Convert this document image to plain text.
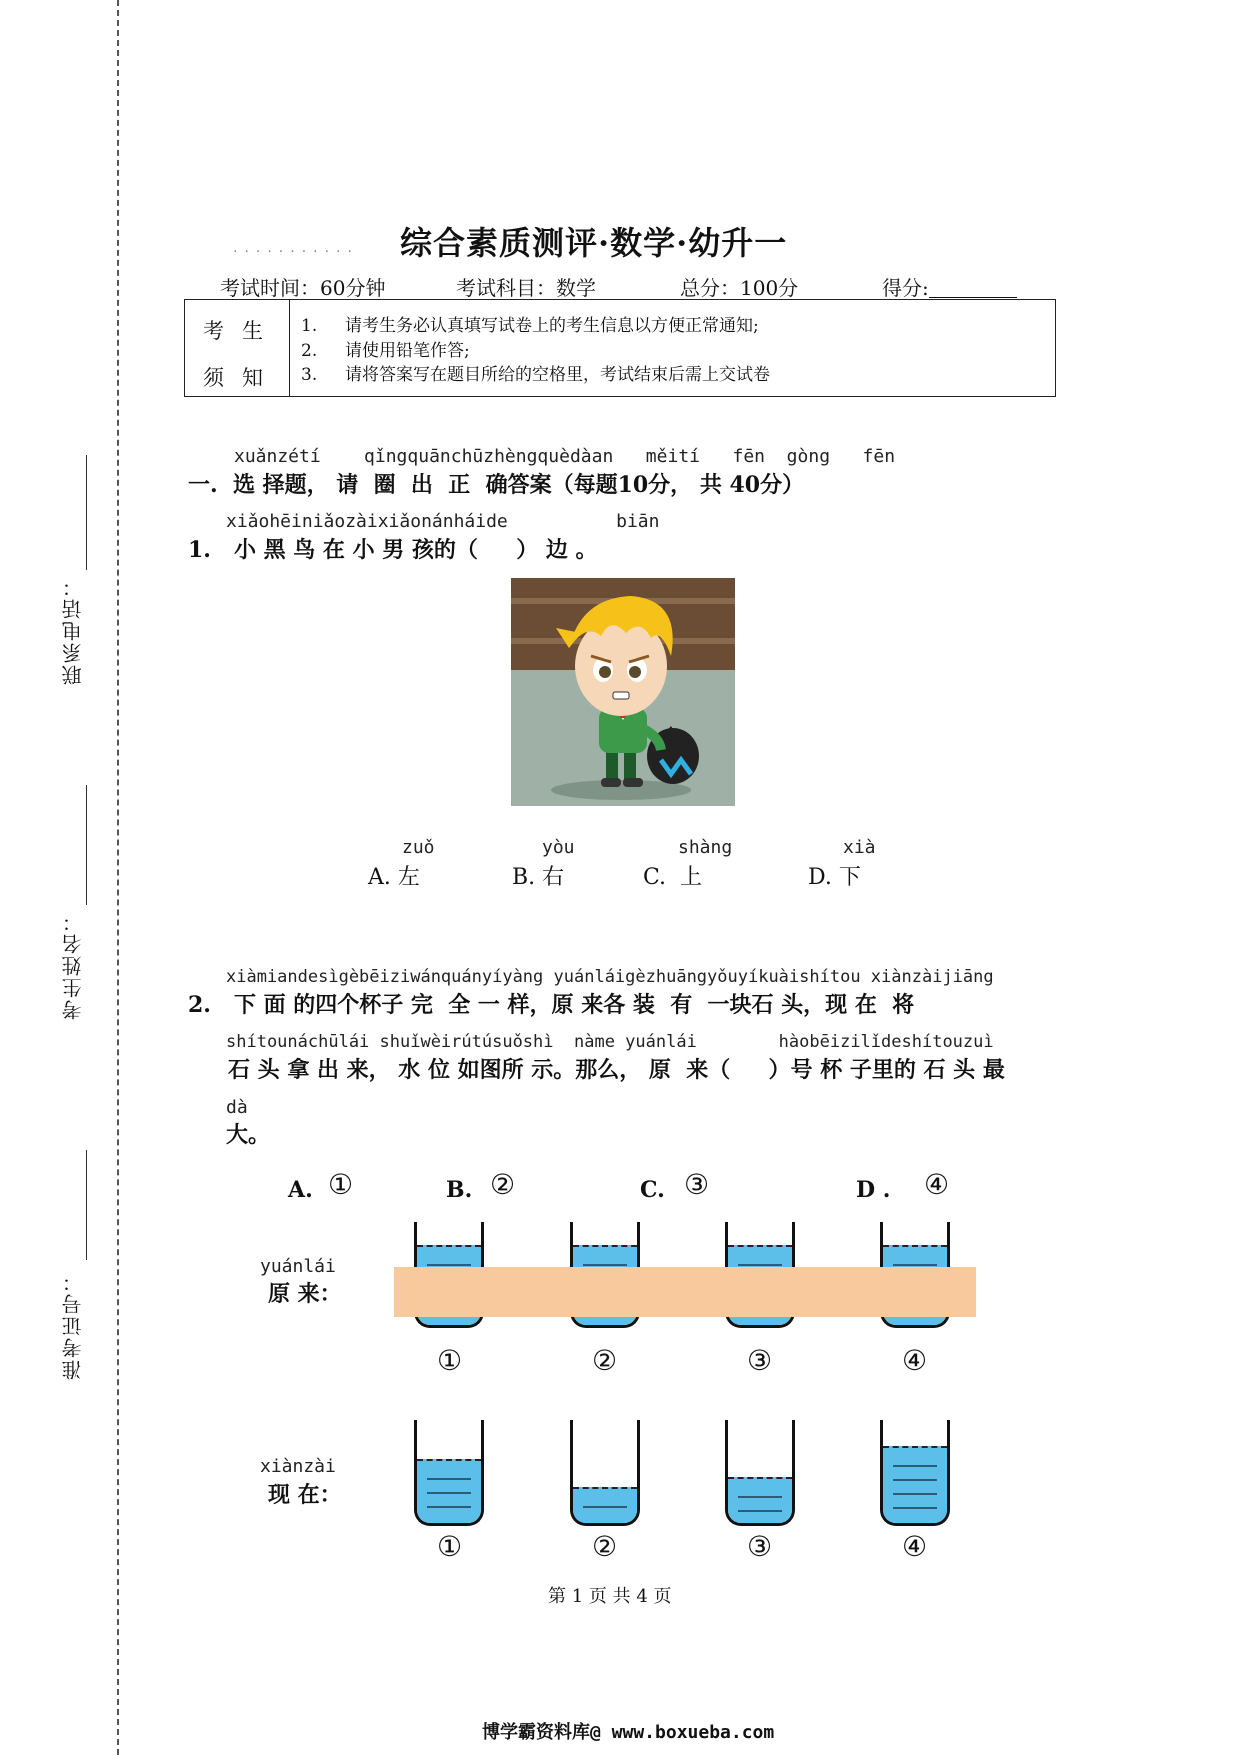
联系电话：
考生姓名：
准考证号：
........... 综合素质测评·数学·幼升一
考试时间：60分钟	考试科目：数学	总分：100分	得分:
考生
须知
1. 请考生务必认真填写试卷上的考生信息以方便正常通知;
2. 请使用铅笔作答;
3. 请将答案写在题目所给的空格里，考试结束后需上交试卷
xuǎnzétí    qǐngquānchūzhèngquèdàan   měití   fēn  gòng   fēn
一.  选 择题， 请  圈  出  正  确答案（每题10分， 共 40分）
xiǎohēiniǎozàixiǎonánháide          biān
1.   小 黑 鸟 在 小 男 孩的（     ） 边 。
zuǒ
A. 左
yòu
B. 右
shàng
C.  上
xià
D. 下
xiàmiandesìgèbēiziwánquányíyàng yuánláigèzhuāngyǒuyíkuàishítou xiànzàijiāng
2.   下 面 的四个杯子 完  全 一 样，原 来各 装  有  一块石 头，现 在  将
shítounáchūlái shuǐwèirútúsuǒshì  nàme yuánlái        hàobēizilǐdeshítouzuì
石 头 拿 出 来， 水 位 如图所 示。那么， 原  来（     ）号 杯 子里的 石 头 最
dà
大。
A. ①	B. ②	C. ③	D . ④
yuánlái
原 来：
①	②	③	④
xiànzài
现 在：
①	②	③	④
第 1 页 共 4 页
博学霸资料库@ www.boxueba.com
